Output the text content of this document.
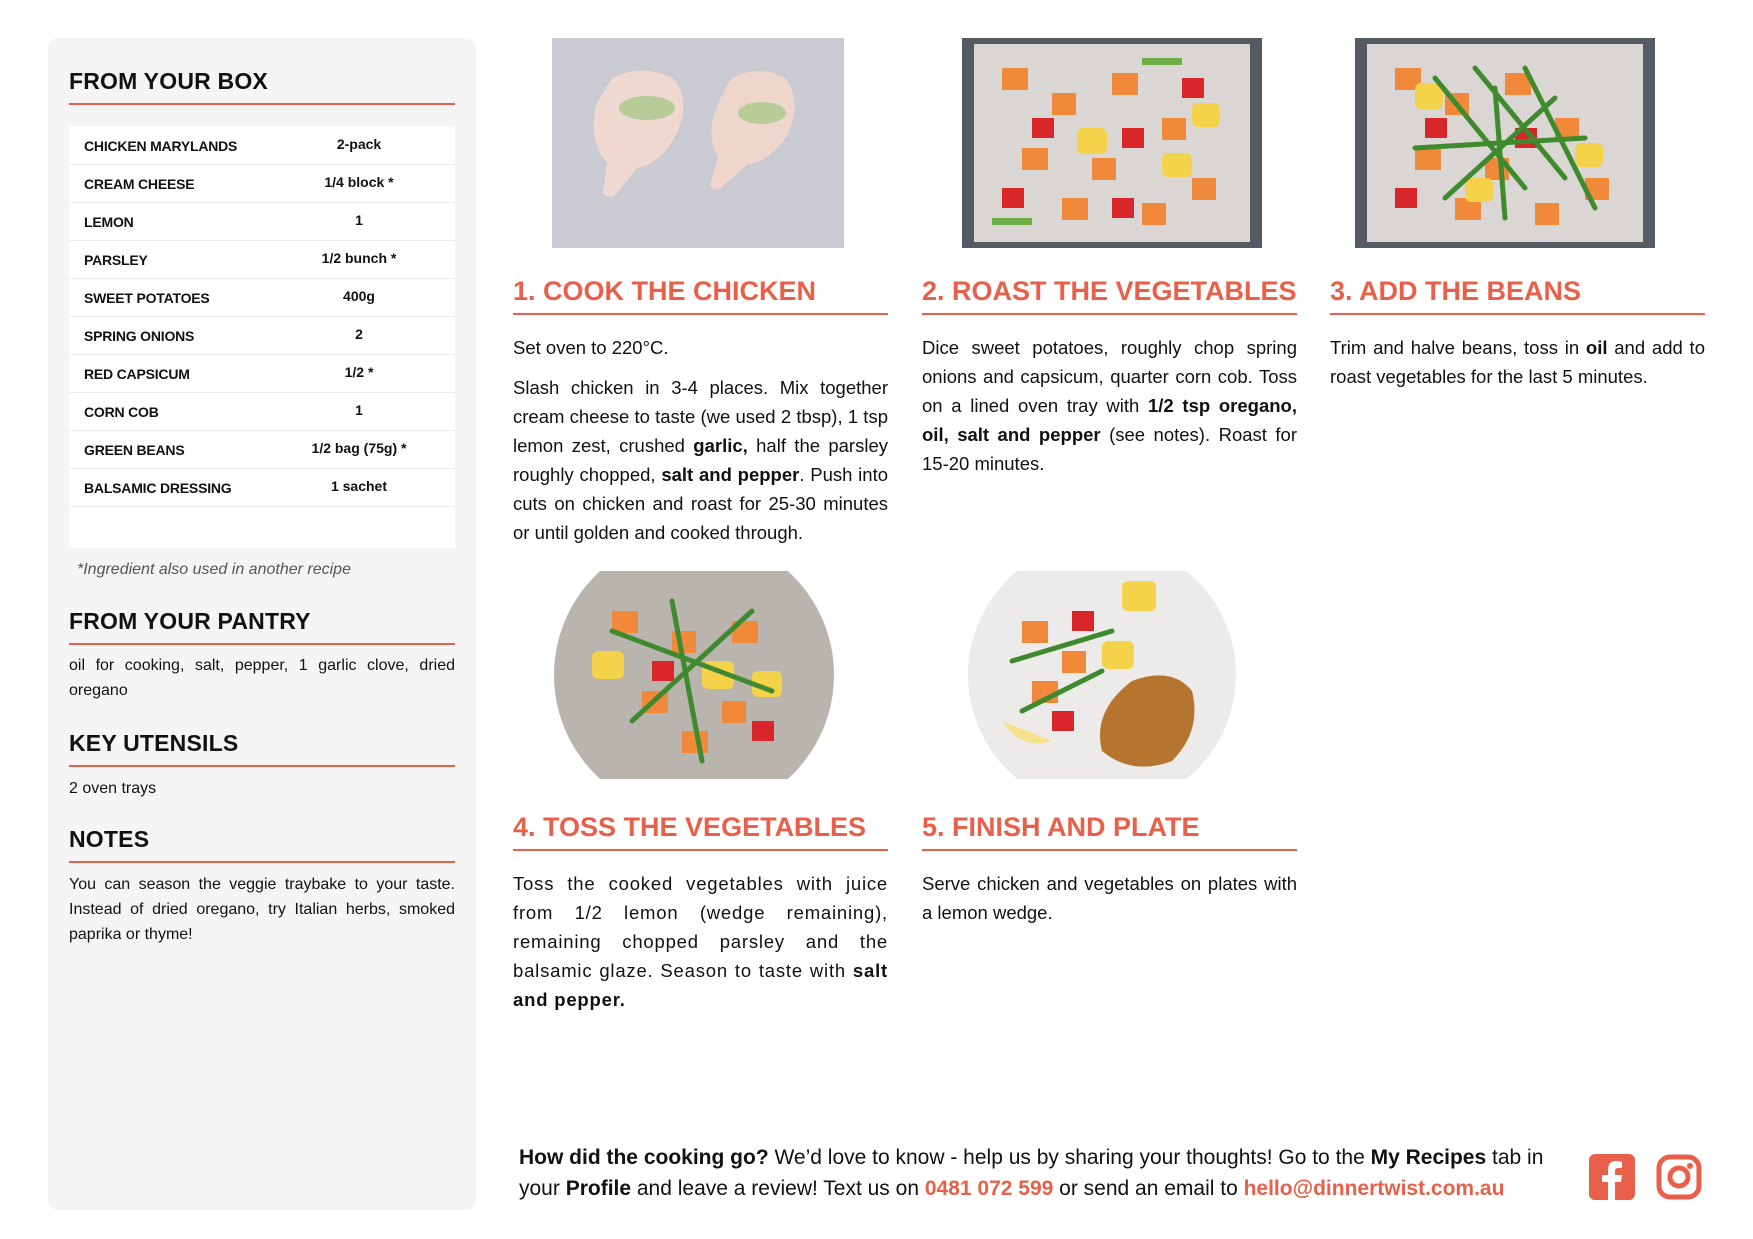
FROM YOUR BOX
CHICKEN MARYLANDS	2-pack
CREAM CHEESE	1/4 block *
LEMON	1
PARSLEY	1/2 bunch *
SWEET POTATOES	400g
SPRING ONIONS	2
RED CAPSICUM	1/2 *
CORN COB	1
GREEN BEANS	1/2 bag (75g) *
BALSAMIC DRESSING	1 sachet
*Ingredient also used in another recipe
FROM YOUR PANTRY
oil for cooking, salt, pepper, 1 garlic clove, dried oregano
KEY UTENSILS
2 oven trays
NOTES
You can season the veggie traybake to your taste. Instead of dried oregano, try Italian herbs, smoked paprika or thyme!
1. COOK THE CHICKEN	2. ROAST THE VEGETABLES 3. ADD THE BEANS
4. TOSS THE VEGETABLES	5. FINISH AND PLATE

Set oven to 220°C.

Slash chicken in 3-4 places. Mix together cream cheese to taste (we used 2 tbsp), 1 tsp lemon zest, crushed garlic, half the parsley roughly chopped, salt and pepper. Push into cuts on chicken and roast for 25-30 minutes or until golden and cooked through.

Dice sweet potatoes, roughly chop spring onions and capsicum, quarter corn cob. Toss on a lined oven tray with 1/2 tsp oregano, oil, salt and pepper (see notes). Roast for 15-20 minutes.

Trim and halve beans, toss in oil and add to roast vegetables for the last 5 minutes.

Toss the cooked vegetables with juice from 1/2 lemon (wedge remaining), remaining chopped parsley and the balsamic glaze. Season to taste with salt and pepper.

Serve chicken and vegetables on plates with a lemon wedge.

How did the cooking go? We’d love to know - help us by sharing your thoughts! Go to the My Recipes tab in your Profile and leave a review! Text us on 0481 072 599 or send an email to hello@dinnertwist.com.au
